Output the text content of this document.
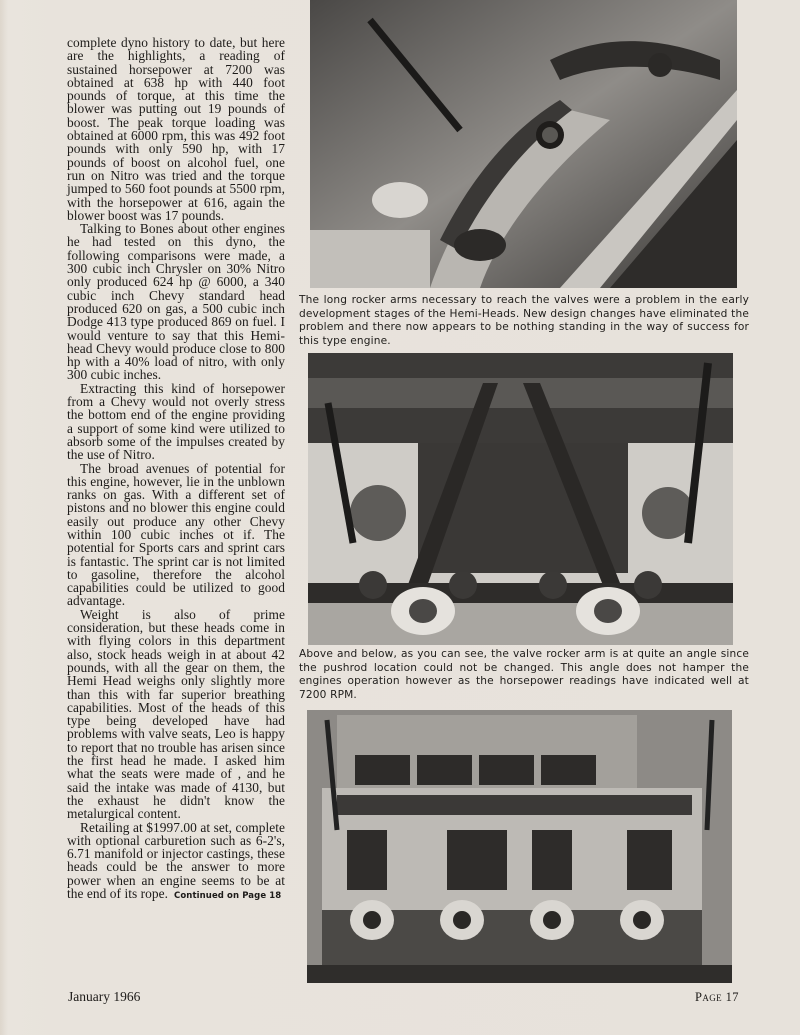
complete dyno history to date, but here are the highlights, a reading of sustained horsepower at 7200 was obtained at 638 hp with 440 foot pounds of torque, at this time the blower was putting out 19 pounds of boost. The peak torque loading was obtained at 6000 rpm, this was 492 foot pounds with only 590 hp, with 17 pounds of boost on alcohol fuel, one run on Nitro was tried and the torque jumped to 560 foot pounds at 5500 rpm, with the horsepower at 616, again the blower boost was 17 pounds.

Talking to Bones about other engines he had tested on this dyno, the following comparisons were made, a 300 cubic inch Chrysler on 30% Nitro only produced 624 hp @ 6000, a 340 cubic inch Chevy standard head produced 620 on gas, a 500 cubic inch Dodge 413 type produced 869 on fuel. I would venture to say that this Hemi-head Chevy would produce close to 800 hp with a 40% load of nitro, with only 300 cubic inches.

Extracting this kind of horsepower from a Chevy would not overly stress the bottom end of the engine providing a support of some kind were utilized to absorb some of the impulses created by the use of Nitro.

The broad avenues of potential for this engine, however, lie in the unblown ranks on gas. With a different set of pistons and no blower this engine could easily out produce any other Chevy within 100 cubic inches ot if. The potential for Sports cars and sprint cars is fantastic. The sprint car is not limited to gasoline, therefore the alcohol capabilities could be utilized to good advantage.

Weight is also of prime consideration, but these heads come in with flying colors in this department also, stock heads weigh in at about 42 pounds, with all the gear on them, the Hemi Head weighs only slightly more than this with far superior breathing capabilities. Most of the heads of this type being developed have had problems with valve seats, Leo is happy to report that no trouble has arisen since the first head he made. I asked him what the seats were made of , and he said the intake was made of 4130, but the exhaust he didn't know the metalurgical content.

Retailing at $1997.00 at set, complete with optional carburetion such as 6-2's, 6.71 manifold or injector castings, these heads could be the answer to more power when an engine seems to be at the end of its rope. Continued on Page 18

The long rocker arms necessary to reach the valves were a problem in the early development stages of the Hemi-Heads. New design changes have eliminated the problem and there now appears to be nothing standing in the way of success for this type engine.
Above and below, as you can see, the valve rocker arm is at quite an angle since the pushrod location could not be changed. This angle does not hamper the engines operation however as the horsepower readings have indicated well at 7200 RPM.
January 1966	Page 17
